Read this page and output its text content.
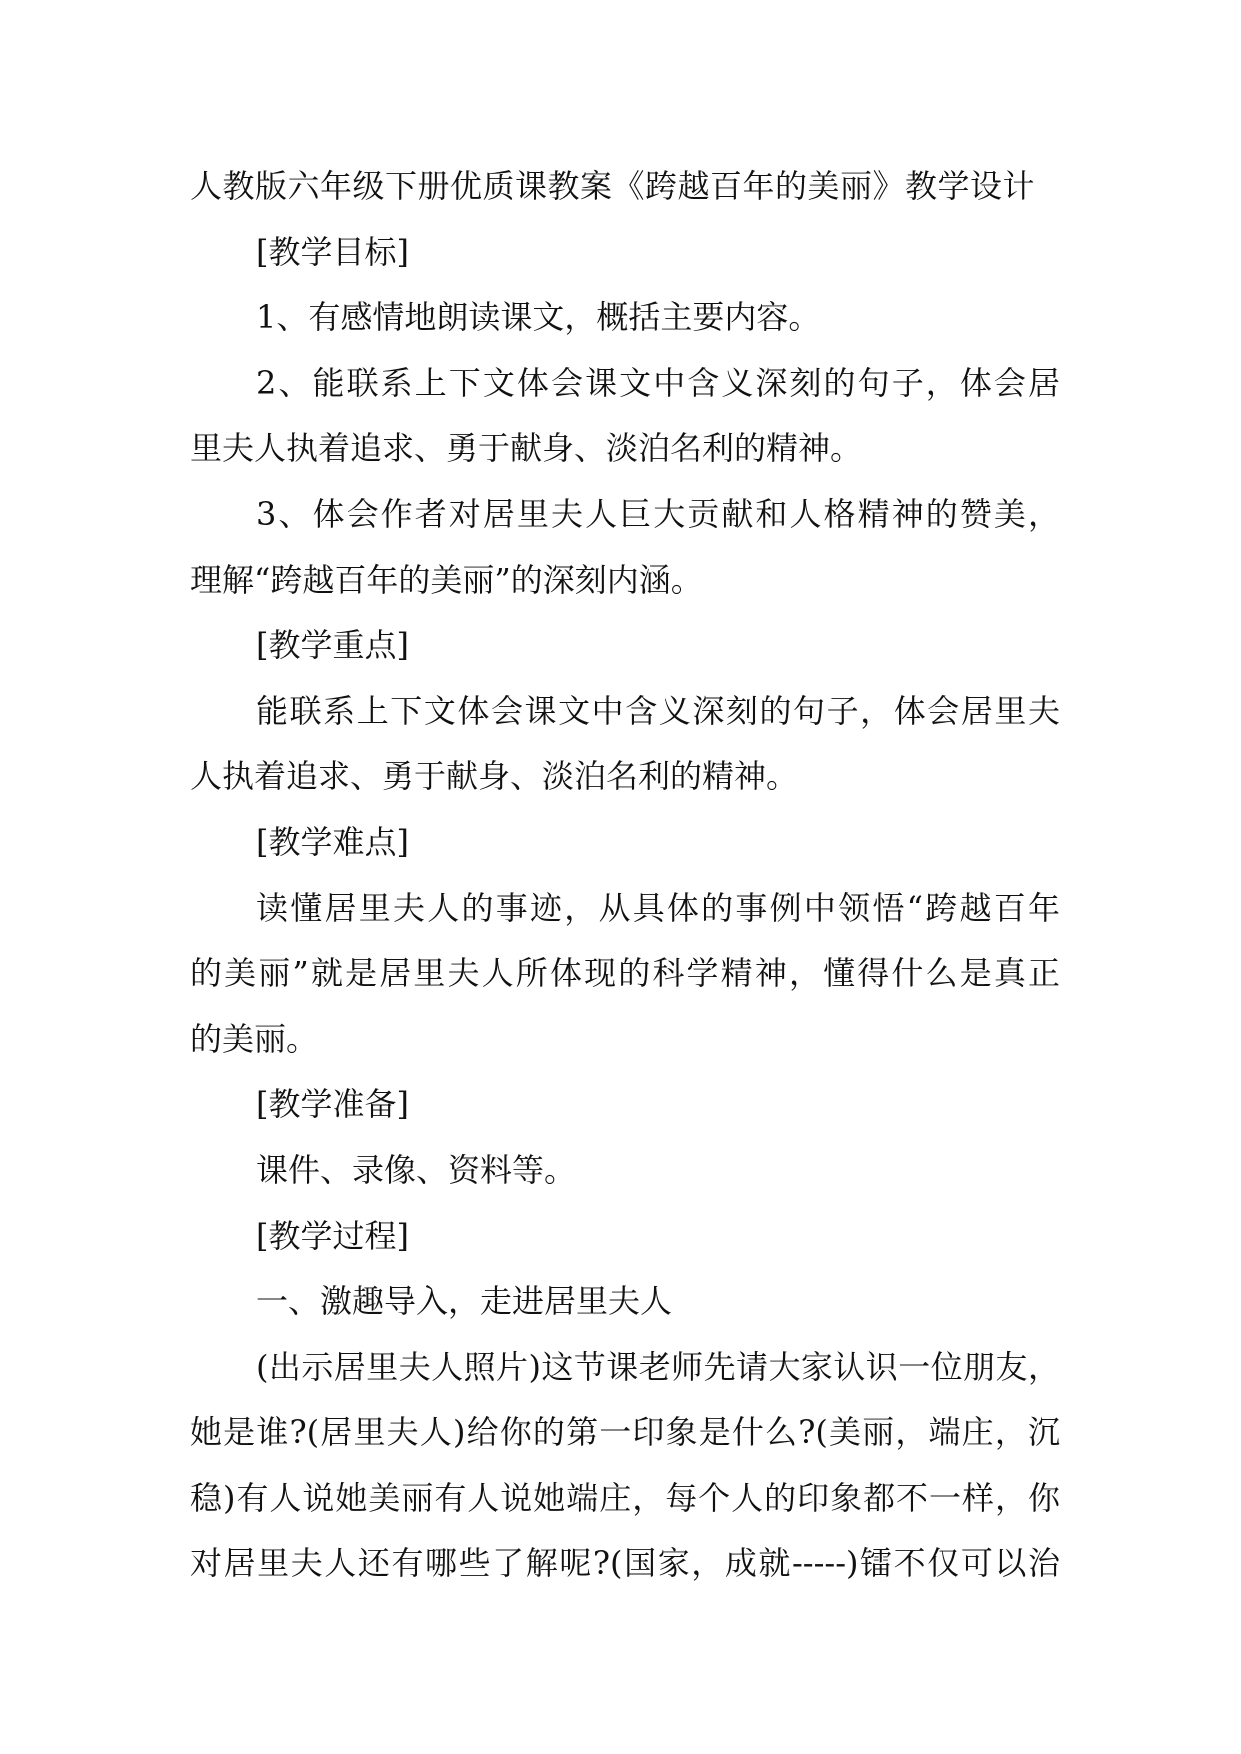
人教版六年级下册优质课教案《跨越百年的美丽》教学设计

[教学目标]

1、有感情地朗读课文，概括主要内容。

2、能联系上下文体会课文中含义深刻的句子，体会居

里夫人执着追求、勇于献身、淡泊名利的精神。

3、体会作者对居里夫人巨大贡献和人格精神的赞美，

理解“跨越百年的美丽”的深刻内涵。

[教学重点]

能联系上下文体会课文中含义深刻的句子，体会居里夫

人执着追求、勇于献身、淡泊名利的精神。

[教学难点]

读懂居里夫人的事迹，从具体的事例中领悟“跨越百年

的美丽”就是居里夫人所体现的科学精神，懂得什么是真正

的美丽。

[教学准备]

课件、录像、资料等。

[教学过程]

一、激趣导入，走进居里夫人

(出示居里夫人照片)这节课老师先请大家认识一位朋友，

她是谁?(居里夫人)给你的第一印象是什么?(美丽，端庄，沉

稳)有人说她美丽有人说她端庄，每个人的印象都不一样，你

对居里夫人还有哪些了解呢?(国家，成就-----)镭不仅可以治
